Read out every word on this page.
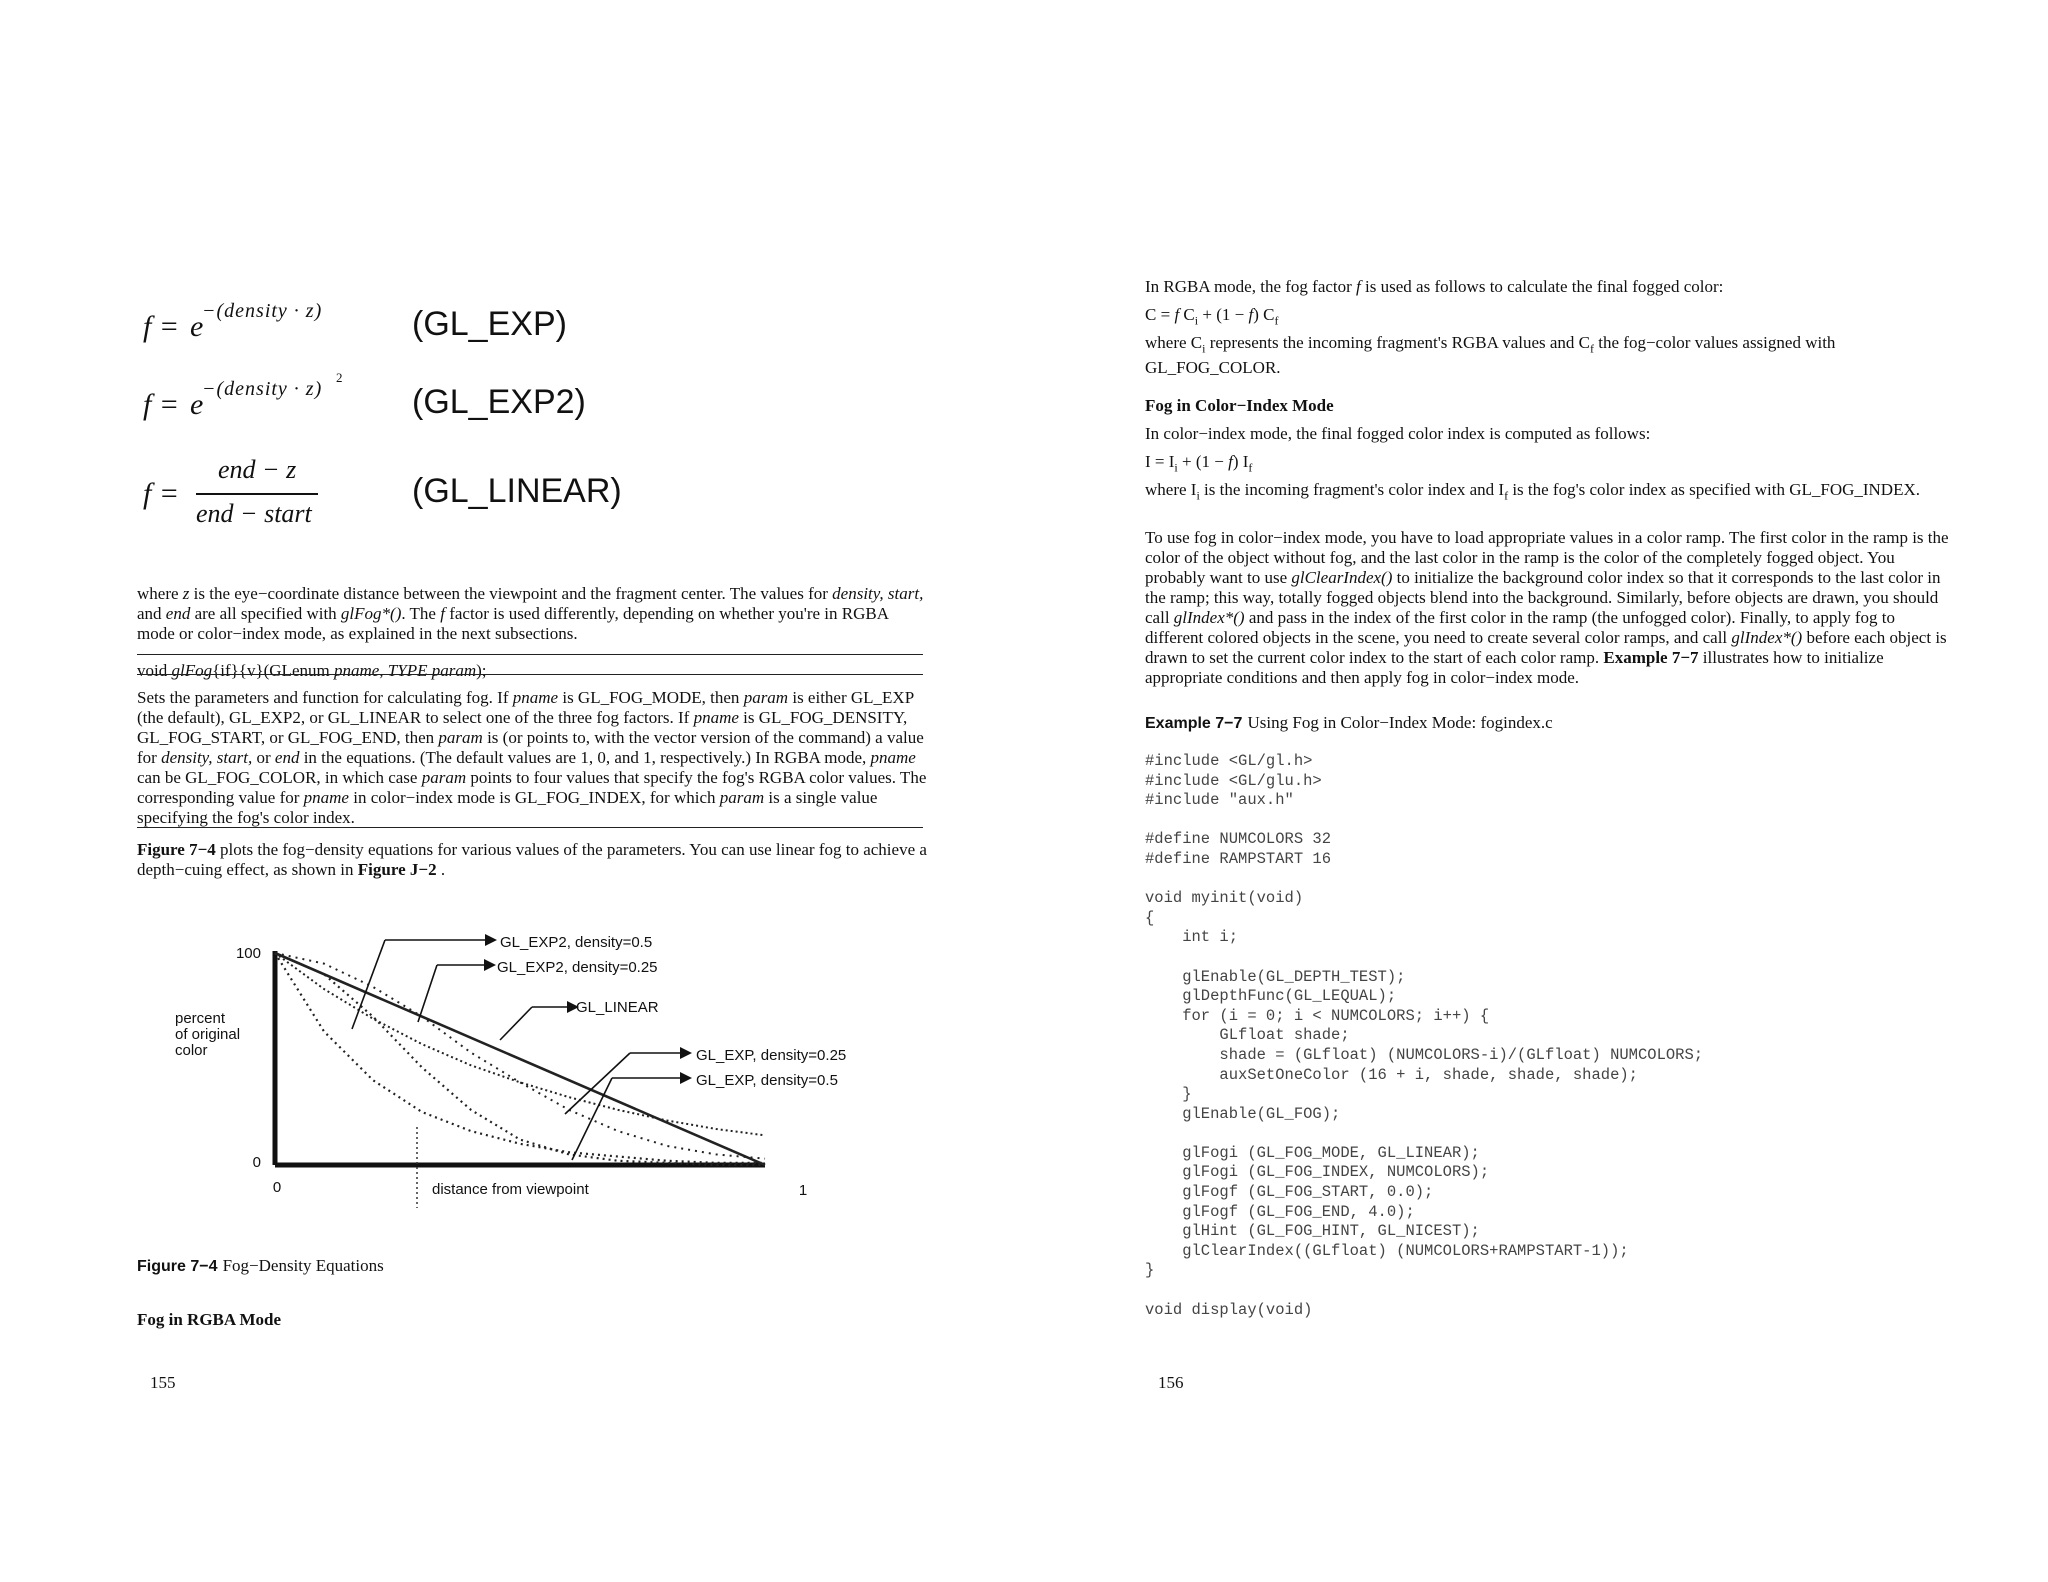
f = e
−(density · z)	(GL_EXP)
f = e
−(density · z)
2
(GL_EXP2)
f =
end − z
end − start
(GL_LINEAR)

where z is the eye−coordinate distance between the viewpoint and the fragment center. The values for density, start, and end are all specified with glFog*(). The f factor is used differently, depending on whether you're in RGBA mode or color−index mode, as explained in the next subsections.

void glFog{if}{v}(GLenum pname, TYPE param);

Sets the parameters and function for calculating fog. If pname is GL_FOG_MODE, then param is either GL_EXP (the default), GL_EXP2, or GL_LINEAR to select one of the three fog factors. If pname is GL_FOG_DENSITY, GL_FOG_START, or GL_FOG_END, then param is (or points to, with the vector version of the command) a value for density, start, or end in the equations. (The default values are 1, 0, and 1, respectively.) In RGBA mode, pname can be GL_FOG_COLOR, in which case param points to four values that specify the fog's RGBA color values. The corresponding value for pname in color−index mode is GL_FOG_INDEX, for which param is a single value specifying the fog's color index.

Figure 7−4 plots the fog−density equations for various values of the parameters. You can use linear fog to achieve a depth−cuing effect, as shown in Figure J−2 .

100
0
0	1
percent
of original
color
distance from viewpoint
GL_EXP2, density=0.5
GL_EXP2, density=0.25
GL_LINEAR
GL_EXP, density=0.25
GL_EXP, density=0.5

Figure 7−4 Fog−Density Equations

Fog in RGBA Mode

155

In RGBA mode, the fog factor f is used as follows to calculate the final fogged color:

C = f $C_i + (1 - f)$ $C_f$

where $C_i$ represents the incoming fragment's RGBA values and $C_f$ the fog−color values assigned with GL_FOG_COLOR.

Fog in Color−Index Mode

In color−index mode, the final fogged color index is computed as follows:

$I = I_i + (1 - f)$ $I_f$

where $I_i$ is the incoming fragment's color index and $I_f$ is the fog's color index as specified with GL_FOG_INDEX.

To use fog in color−index mode, you have to load appropriate values in a color ramp. The first color in the ramp is the color of the object without fog, and the last color in the ramp is the color of the completely fogged object. You probably want to use glClearIndex() to initialize the background color index so that it corresponds to the last color in the ramp; this way, totally fogged objects blend into the background. Similarly, before objects are drawn, you should call glIndex*() and pass in the index of the first color in the ramp (the unfogged color). Finally, to apply fog to different colored objects in the scene, you need to create several color ramps, and call glIndex*() before each object is drawn to set the current color index to the start of each color ramp. Example 7−7 illustrates how to initialize appropriate conditions and then apply fog in color−index mode.

Example 7−7 Using Fog in Color−Index Mode: fogindex.c

#include <GL/gl.h>
#include <GL/glu.h>
#include "aux.h"

#define NUMCOLORS 32
#define RAMPSTART 16

void myinit(void)
{
int i;

glEnable(GL_DEPTH_TEST);
glDepthFunc(GL_LEQUAL);
for (i = 0; i < NUMCOLORS; i++) {
GLfloat shade;
shade = (GLfloat) (NUMCOLORS-i)/(GLfloat) NUMCOLORS;
auxSetOneColor (16 + i, shade, shade, shade);
}
glEnable(GL_FOG);

glFogi (GL_FOG_MODE, GL_LINEAR);
glFogi (GL_FOG_INDEX, NUMCOLORS);
glFogf (GL_FOG_START, 0.0);
glFogf (GL_FOG_END, 4.0);
glHint (GL_FOG_HINT, GL_NICEST);
glClearIndex((GLfloat) (NUMCOLORS+RAMPSTART-1));
}

void display(void)

156
